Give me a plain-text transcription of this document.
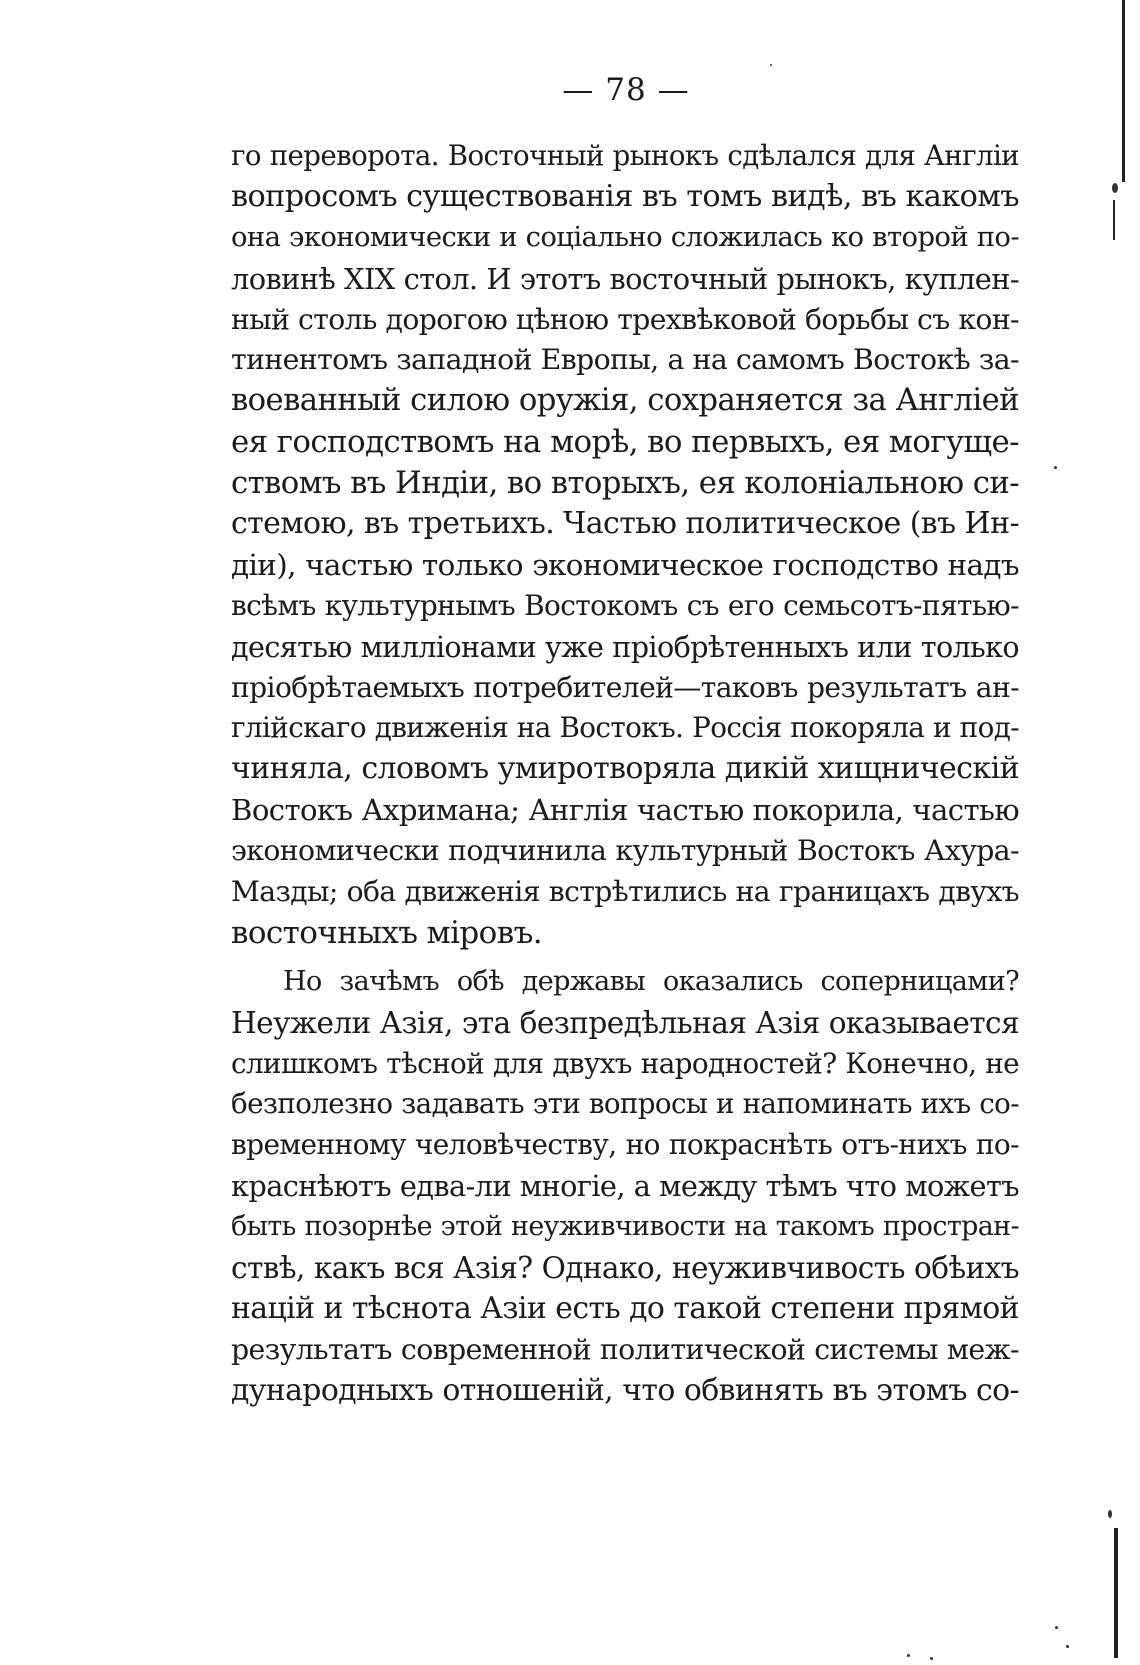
— 78 —
го переворота. Восточный рынокъ сдѣлался для Англіи
вопросомъ существованія въ томъ видѣ, въ какомъ
она экономически и соціально сложилась ко второй по-
ловинѣ XIX стол. И этотъ восточный рынокъ, куплен-
ный столь дорогою цѣною трехвѣковой борьбы съ кон-
тинентомъ западной Европы, а на самомъ Востокѣ за-
воеванный силою оружія, сохраняется за Англіей
ея господствомъ на морѣ, во первыхъ, ея могуще-
ствомъ въ Индіи, во вторыхъ, ея колоніальною си-
стемою, въ третьихъ. Частью политическое (въ Ин-
діи), частью только экономическое господство надъ
всѣмъ культурнымъ Востокомъ съ его семьсотъ-пятью-
десятью милліонами уже пріобрѣтенныхъ или только
пріобрѣтаемыхъ потребителей—таковъ результатъ ан-
глійскаго движенія на Востокъ. Россія покоряла и под-
чиняла, словомъ умиротворяла дикій хищническій
Востокъ Ахримана; Англія частью покорила, частью
экономически подчинила культурный Востокъ Ахура-
Мазды; оба движенія встрѣтились на границахъ двухъ
восточныхъ міровъ.
Но зачѣмъ обѣ державы оказались соперницами?
Неужели Азія, эта безпредѣльная Азія оказывается
слишкомъ тѣсной для двухъ народностей? Конечно, не
безполезно задавать эти вопросы и напоминать ихъ со-
временному человѣчеству, но покраснѣть отъ-нихъ по-
краснѣютъ едва-ли многіе, а между тѣмъ что можетъ
быть позорнѣе этой неуживчивости на такомъ простран-
ствѣ, какъ вся Азія? Однако, неуживчивость обѣихъ
націй и тѣснота Азіи есть до такой степени прямой
результатъ современной политической системы меж-
дународныхъ отношеній, что обвинять въ этомъ со-
